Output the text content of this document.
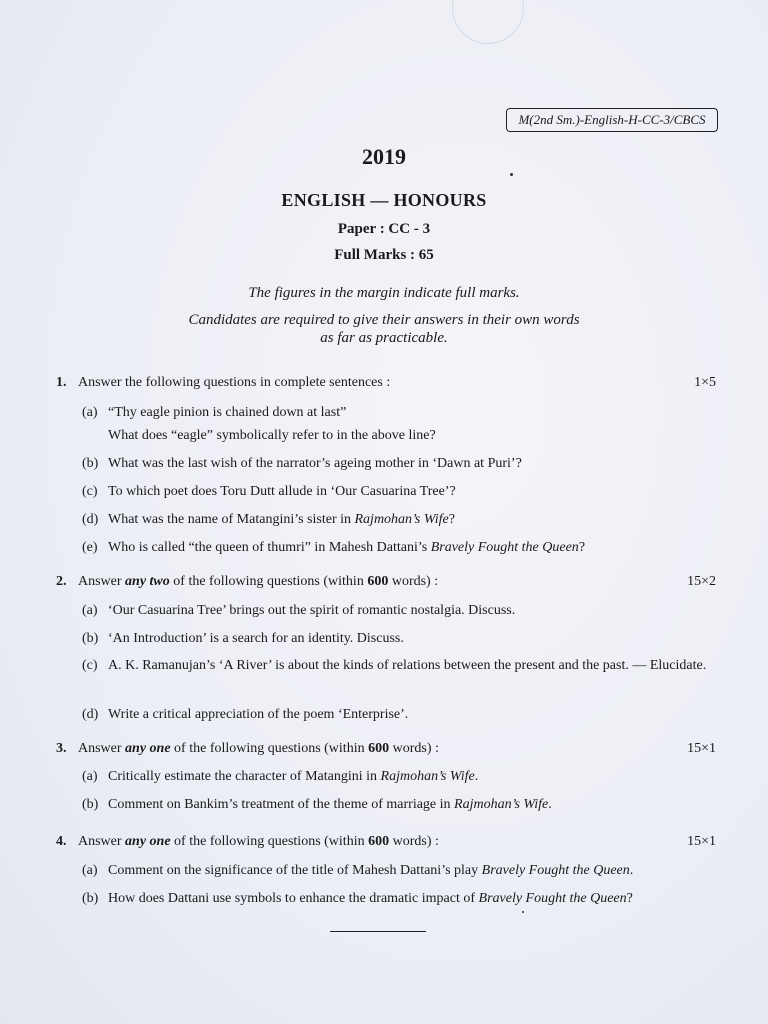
M(2nd Sm.)-English-H-CC-3/CBCS
2019
ENGLISH — HONOURS
Paper : CC - 3
Full Marks : 65
The figures in the margin indicate full marks.
Candidates are required to give their answers in their own words
as far as practicable.
1. Answer the following questions in complete sentences :	1×5
(a) “Thy eagle pinion is chained down at last”
What does “eagle” symbolically refer to in the above line?
(b) What was the last wish of the narrator’s ageing mother in ‘Dawn at Puri’?
(c) To which poet does Toru Dutt allude in ‘Our Casuarina Tree’?
(d) What was the name of Matangini’s sister in Rajmohan’s Wife?
(e) Who is called “the queen of thumri” in Mahesh Dattani’s Bravely Fought the Queen?
2. Answer any two of the following questions (within 600 words) :	15×2
(a) ‘Our Casuarina Tree’ brings out the spirit of romantic nostalgia. Discuss.
(b) ‘An Introduction’ is a search for an identity. Discuss.
(c) A. K. Ramanujan’s ‘A River’ is about the kinds of relations between the present and the past. — Elucidate.
(d) Write a critical appreciation of the poem ‘Enterprise’.
3. Answer any one of the following questions (within 600 words) :	15×1
(a) Critically estimate the character of Matangini in Rajmohan’s Wife.
(b) Comment on Bankim’s treatment of the theme of marriage in Rajmohan’s Wife.
4. Answer any one of the following questions (within 600 words) :	15×1
(a) Comment on the significance of the title of Mahesh Dattani’s play Bravely Fought the Queen.
(b) How does Dattani use symbols to enhance the dramatic impact of Bravely Fought the Queen?
